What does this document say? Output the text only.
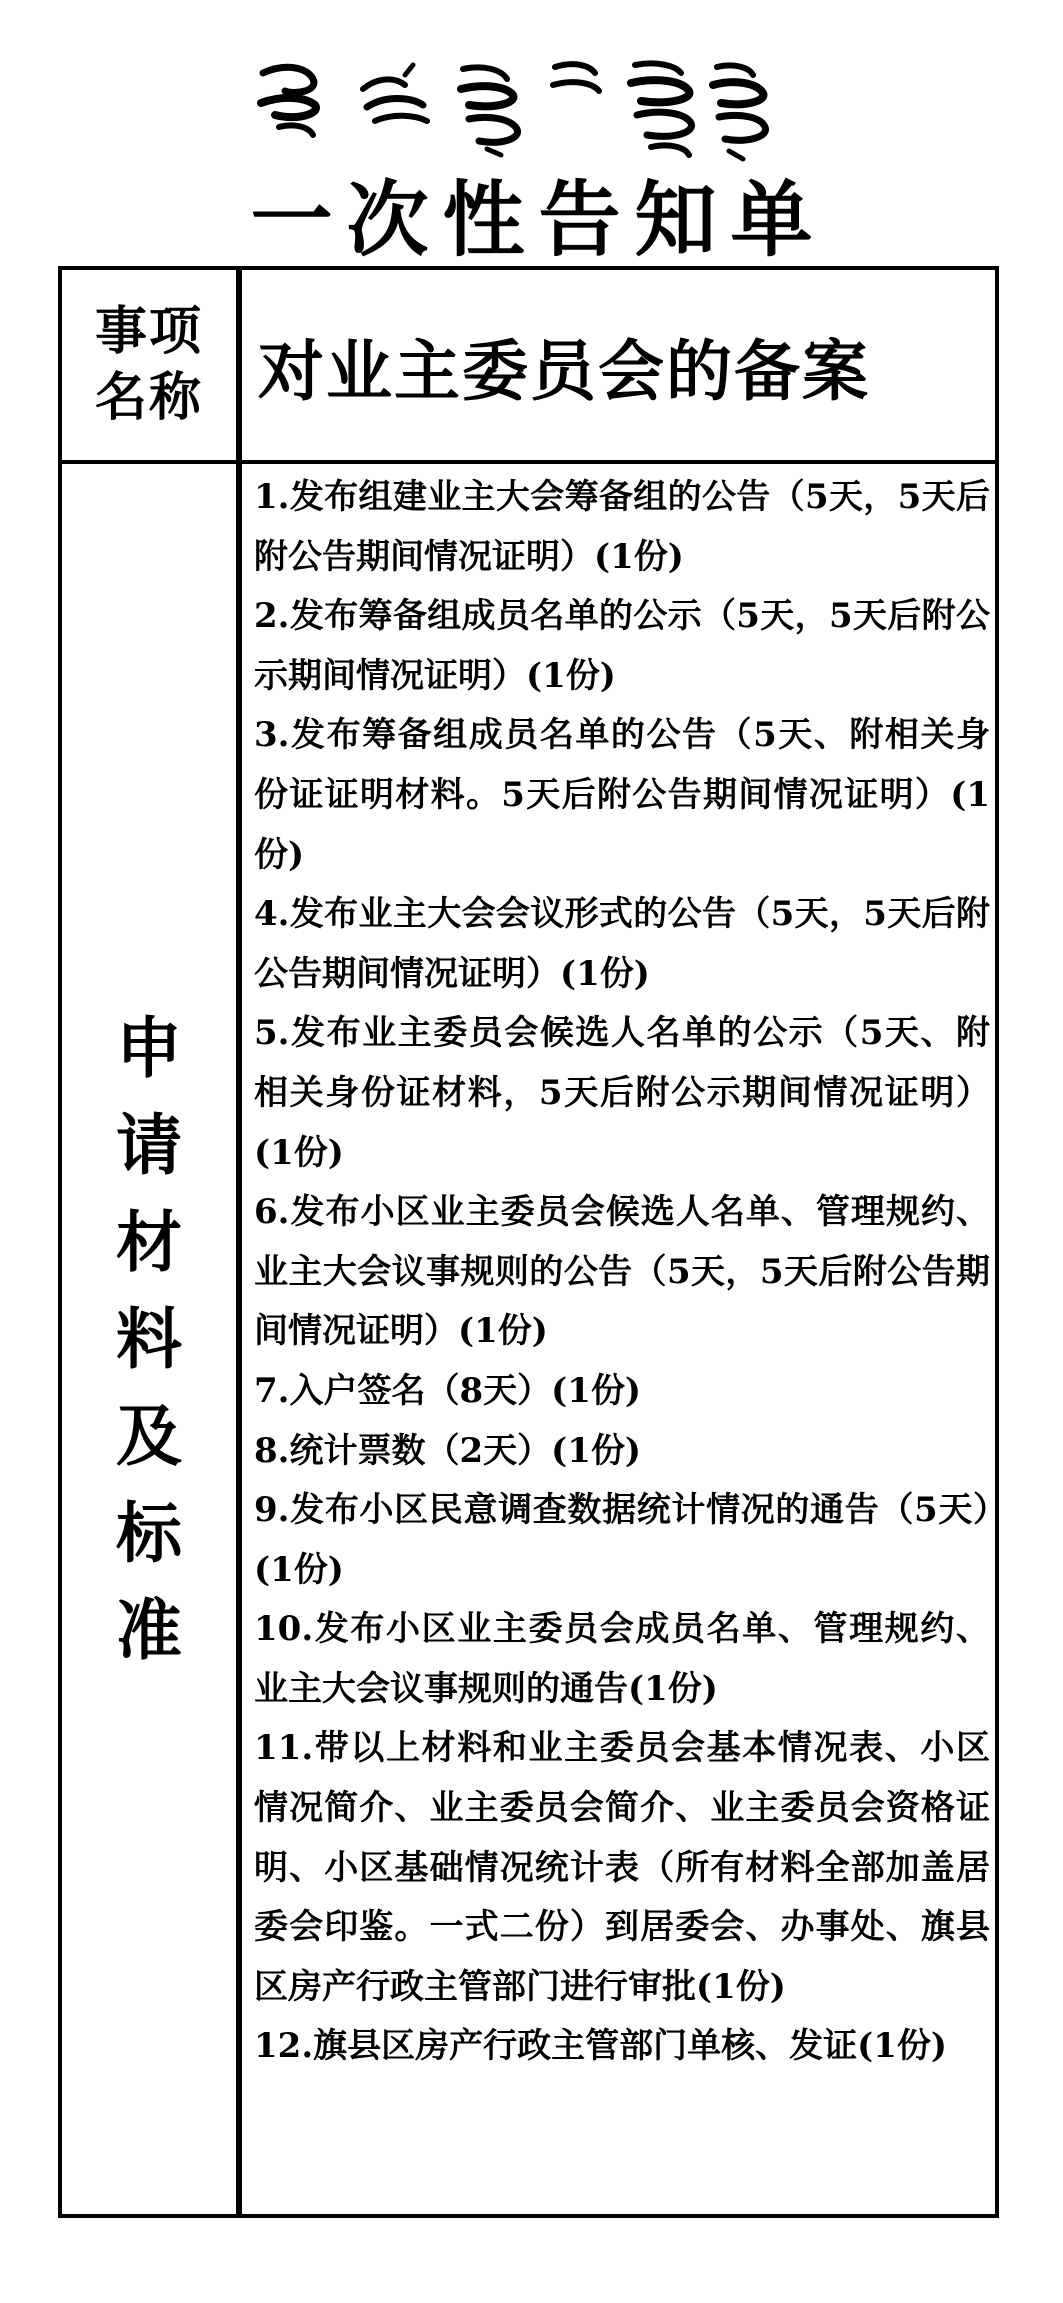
一次性告知单
事项
名称 对业主委员会的备案
申
请
材
料
及
标
准
1.发布组建业主大会筹备组的公告（5天，5天后附公告期间情况证明）(1份)
2.发布筹备组成员名单的公示（5天，5天后附公示期间情况证明）(1份)
3.发布筹备组成员名单的公告（5天、附相关身份证证明材料。5天后附公告期间情况证明）(1份)
4.发布业主大会会议形式的公告（5天，5天后附公告期间情况证明）(1份)
5.发布业主委员会候选人名单的公示（5天、附相关身份证材料，5天后附公示期间情况证明）(1份)
6.发布小区业主委员会候选人名单、管理规约、业主大会议事规则的公告（5天，5天后附公告期间情况证明）(1份)
7.入户签名（8天）(1份)
8.统计票数（2天）(1份)
9.发布小区民意调查数据统计情况的通告（5天）(1份)
10.发布小区业主委员会成员名单、管理规约、业主大会议事规则的通告(1份)
11.带以上材料和业主委员会基本情况表、小区情况简介、业主委员会简介、业主委员会资格证明、小区基础情况统计表（所有材料全部加盖居委会印鉴。一式二份）到居委会、办事处、旗县区房产行政主管部门进行审批(1份)
12.旗县区房产行政主管部门单核、发证(1份)
